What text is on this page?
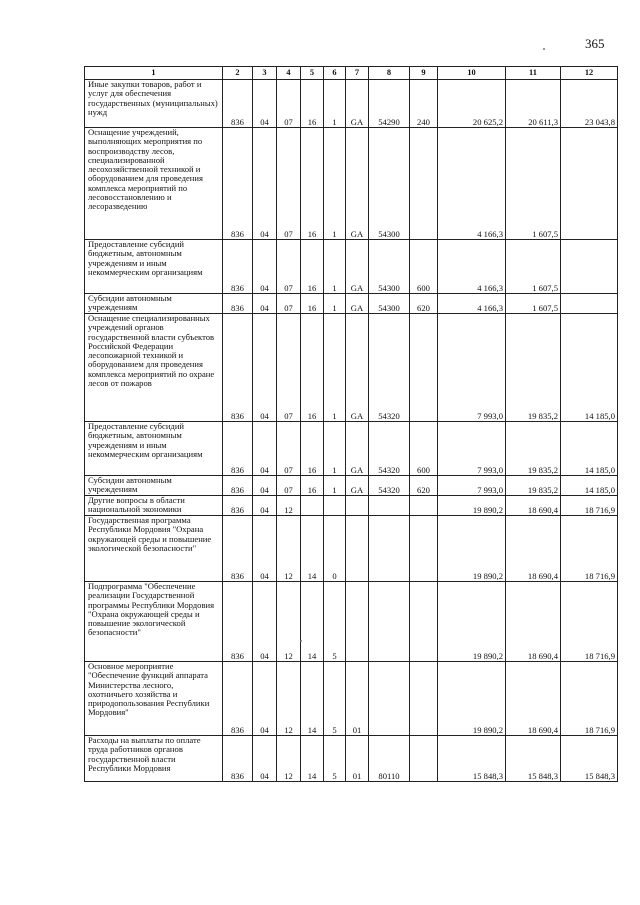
365
1	2	3	4	5	6	7	8	9	10	11	12
Иные закупки товаров, работ и услуг для обеспечения государственных (муниципальных) нужд	836	04	07	16	1	GA	54290	240	20 625,2	20 611,3	23 043,8
Оснащение учреждений, выполняющих мероприятия по воспроизводству лесов, специализированной лесохозяйственной техникой и оборудованием для проведения комплекса мероприятий по лесовосстановлению и лесоразведению	836	04	07	16	1	GA	54300		4 166,3	1 607,5	
Предоставление субсидий бюджетным, автономным учреждениям и иным некоммерческим организациям	836	04	07	16	1	GA	54300	600	4 166,3	1 607,5	
Субсидии автономным учреждениям	836	04	07	16	1	GA	54300	620	4 166,3	1 607,5	
Оснащение специализированных учреждений органов государственной власти субъектов Российской Федерации лесопожарной техникой и оборудованием для проведения комплекса мероприятий по охране лесов от пожаров	836	04	07	16	1	GA	54320		7 993,0	19 835,2	14 185,0
Предоставление субсидий бюджетным, автономным учреждениям и иным некоммерческим организациям	836	04	07	16	1	GA	54320	600	7 993,0	19 835,2	14 185,0
Субсидии автономным учреждениям	836	04	07	16	1	GA	54320	620	7 993,0	19 835,2	14 185,0
Другие вопросы в области национальной экономики	836	04	12						19 890,2	18 690,4	18 716,9
Государственная программа Республики Мордовия "Охрана окружающей среды и повышение экологической безопасности"	836	04	12	14	0				19 890,2	18 690,4	18 716,9
Подпрограмма "Обеспечение реализации Государственной программы Республики Мордовия "Охрана окружающей среды и повышение экологической безопасности"	836	04	12	14	5				19 890,2	18 690,4	18 716,9
Основное мероприятие "Обеспечение функций аппарата Министерства лесного, охотничьего хозяйства и природопользования Республики Мордовия"	836	04	12	14	5	01			19 890,2	18 690,4	18 716,9
Расходы на выплаты по оплате труда работников органов государственной власти Республики Мордовия	836	04	12	14	5	01	80110		15 848,3	15 848,3	15 848,3
